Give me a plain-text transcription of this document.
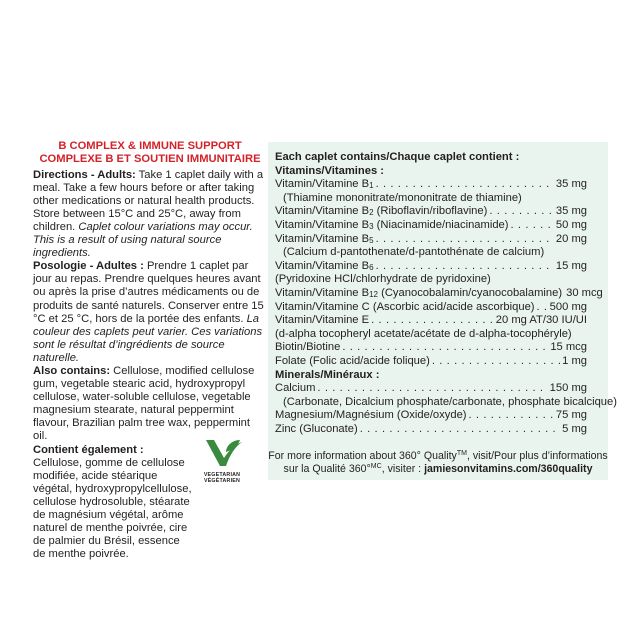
B COMPLEX & IMMUNE SUPPORT
COMPLEXE B ET SOUTIEN IMMUNITAIRE

Directions - Adults: Take 1 caplet daily with a meal. Take a few hours before or after taking other medications or natural health products. Store between 15°C and 25°C, away from children. Caplet colour variations may occur. This is a result of using natural source ingredients.

Posologie - Adultes : Prendre 1 caplet par jour au repas. Prendre quelques heures avant ou après la prise d’autres médicaments ou de produits de santé naturels. Conserver entre 15 °C et 25 °C, hors de la portée des enfants. La couleur des caplets peut varier. Ces variations sont le résultat d’ingrédients de source naturelle.

Also contains: Cellulose, modified cellulose gum, vegetable stearic acid, hydroxypropyl cellulose, water-soluble cellulose, vegetable magnesium stearate, natural peppermint flavour, Brazilian palm tree wax, peppermint oil.

Contient également : Cellulose, gomme de cellulose modifiée, acide stéarique végétal, hydroxypropylcellulose, cellulose hydrosoluble, stéarate de magnésium végétal, arôme naturel de menthe poivrée, cire de palmier du Brésil, essence de menthe poivrée.

VEGETARIAN
VÉGÉTARIEN
Each caplet contains/Chaque caplet contient :
Vitamins/Vitamines :
Vitamin/Vitamine $B_1$ . . .	35 mg
(Thiamine mononitrate/mononitrate de thiamine)
Vitamin/Vitamine $B_2$ (Riboflavin/riboflavine) . . .	35 mg
Vitamin/Vitamine $B_3$ (Niacinamide/niacinamide) . . .	50 mg
Vitamin/Vitamine $B_5$ . . .	20 mg
(Calcium d-pantothenate/d-pantothénate de calcium)
Vitamin/Vitamine $B_6$ . . .	15 mg
(Pyridoxine HCl/chlorhydrate de pyridoxine)
Vitamin/Vitamine $B_{12}$ (Cyanocobalamin/cyanocobalamine) 30 mcg
Vitamin/Vitamine C (Ascorbic acid/acide ascorbique) . . . 500 mg
Vitamin/Vitamine E . . .	20 mg AT/30 IU/UI
(d-alpha tocopheryl acetate/acétate de d-alpha-tocophéryle)
Biotin/Biotine . . .	15 mcg
Folate (Folic acid/acide folique) . . .	1 mg
Minerals/Minéraux :
Calcium . . .	150 mg
(Carbonate, Dicalcium phosphate/carbonate, phosphate bicalcique)
Magnesium/Magnésium (Oxide/oxyde) . . .	75 mg
Zinc (Gluconate) . . .	5 mg
For more information about 360° Quality™, visit/Pour plus d’informations
sur la Qualité 360°$^{MC}$, visiter : jamiesonvitamins.com/360quality
